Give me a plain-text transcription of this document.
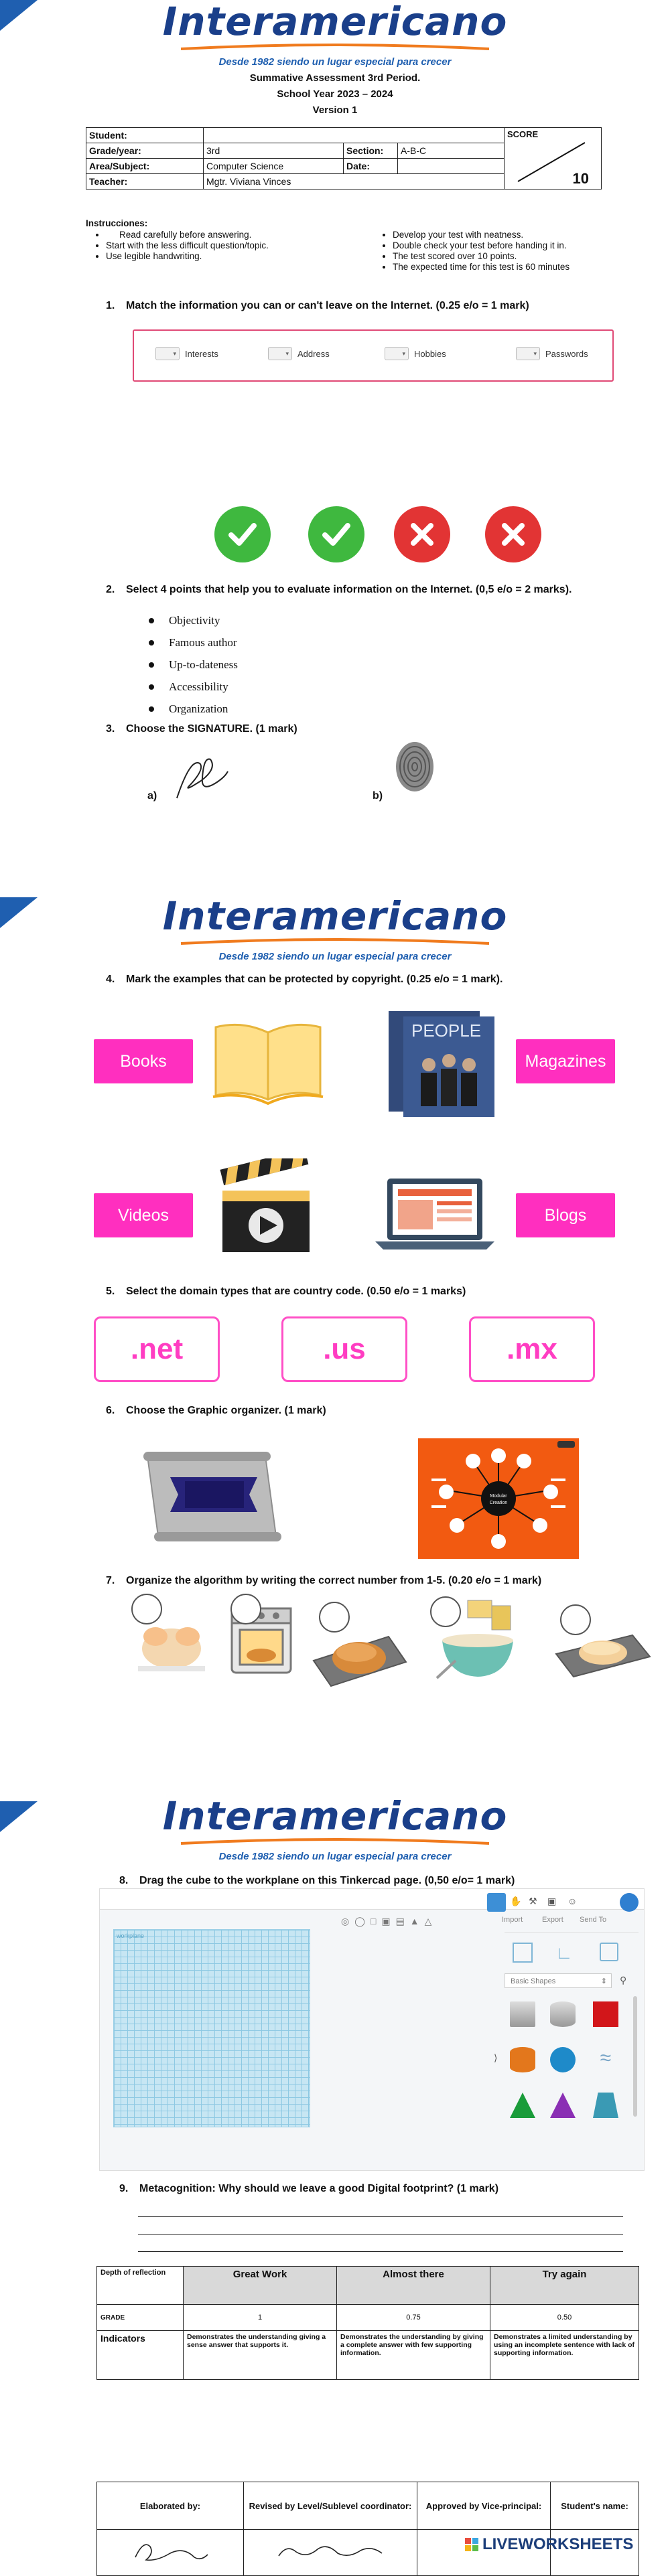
Interamericano
Desde 1982 siendo un lugar especial para crecer
Summative Assessment 3rd Period.
School Year 2023 – 2024
Version 1
Student:				SCORE
10

Grade/year:	3rd	Section:	A-B-C	
Area/Subject:	Computer Science	Date:		
Teacher:	Mgtr. Viviana Vinces			
Instrucciones:
• Read carefully before answering.
• Start with the less difficult question/topic.
• Use legible handwriting.
• Develop your test with neatness.
• Double check your test before handing it in.
• The test scored over 10 points.
• The expected time for this test is 60 minutes
1. Match the information you can or can't leave on the Internet. (0.25 e/o = 1 mark)
▾	Interests	▾	Address	▾	Hobbies	▾	Passwords
2. Select 4 points that help you to evaluate information on the Internet. (0,5 e/o = 2 marks).
Objectivity
Famous author
Up-to-dateness
Accessibility
Organization
3. Choose the SIGNATURE. (1 mark)
a)	b)
Interamericano
Desde 1982 siendo un lugar especial para crecer
4. Mark the examples that can be protected by copyright. (0.25 e/o = 1 mark).
Books
PEOPLE
Magazines
Videos	Blogs
5. Select the domain types that are country code. (0.50 e/o = 1 marks)
.net	.us	.mx
6. Choose the Graphic organizer. (1 mark)
Modular
Creation
7. Organize the algorithm by writing the correct number from 1-5. (0.20 e/o = 1 mark)
Interamericano
Desde 1982 siendo un lugar especial para crecer
8. Drag the cube to the workplane on this Tinkercad page. (0,50 e/o= 1 mark)
✋ ⚒ ▣ ☺
Import	Export Send To
◎◯□▣▤▲△
workplane
∟
Basic Shapes	⇕ ⚲
≈
⟩
9. Metacognition: Why should we leave a good Digital footprint? (1 mark)
Depth of reflection	Great Work	Almost there	Try again
GRADE	1	0.75	0.50
Indicators	Demonstrates the understanding giving a sense answer that supports it.	Demonstrates the understanding by giving a complete answer with few supporting information.	Demonstrates a limited understanding by using an incomplete sentence with lack of supporting information.
Elaborated by:	Revised by Level/Sublevel coordinator:	Approved by Vice-principal:	Student's name:

LIVEWORKSHEETS
